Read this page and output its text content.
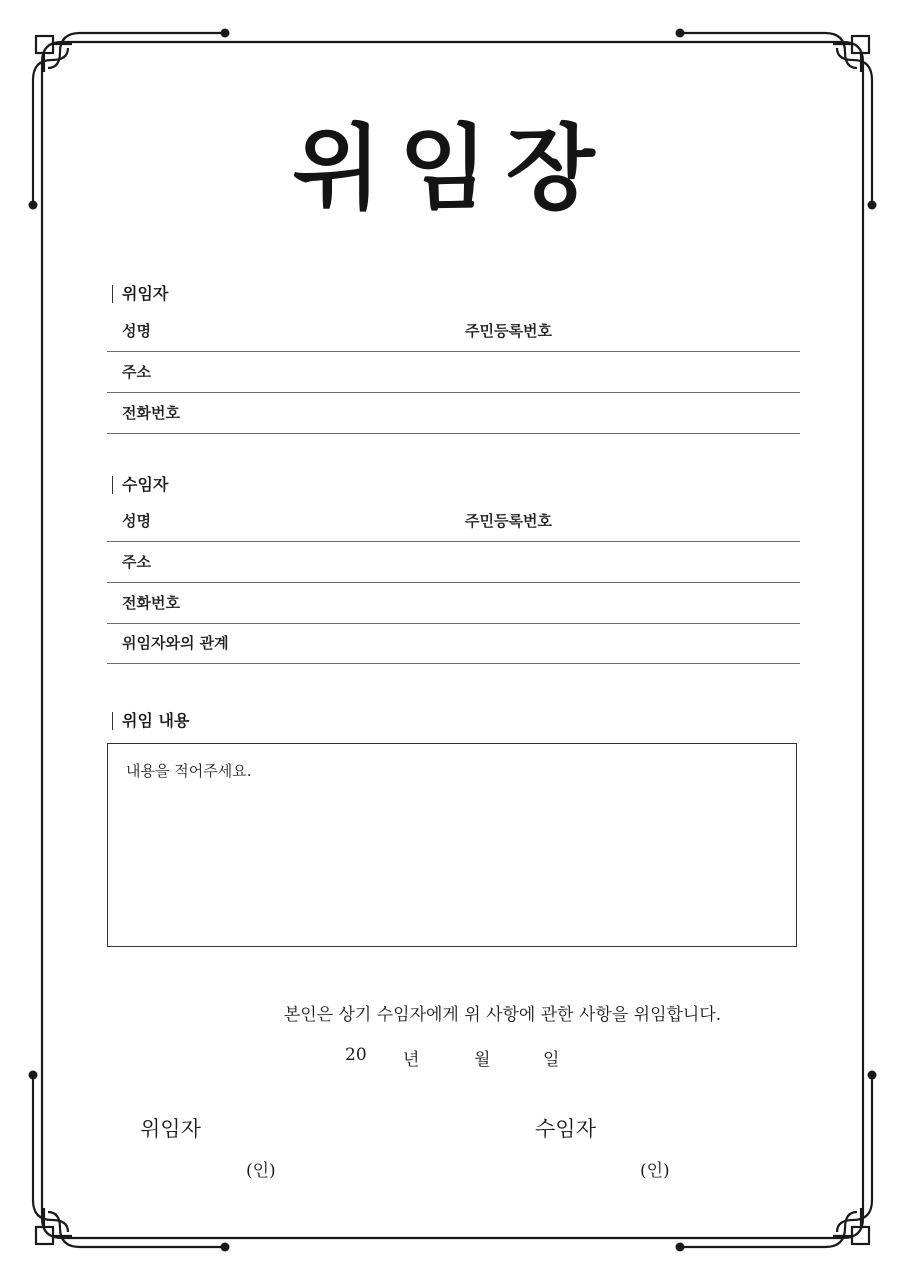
위임장
위임자
성명	주민등록번호
주소
전화번호
수임자
성명	주민등록번호
주소
전화번호
위임자와의 관계
위임 내용
내용을 적어주세요.
본인은 상기 수임자에게 위 사항에 관한 사항을 위임합니다.
20 년	월	일
위임자
(인)
수임자
(인)
